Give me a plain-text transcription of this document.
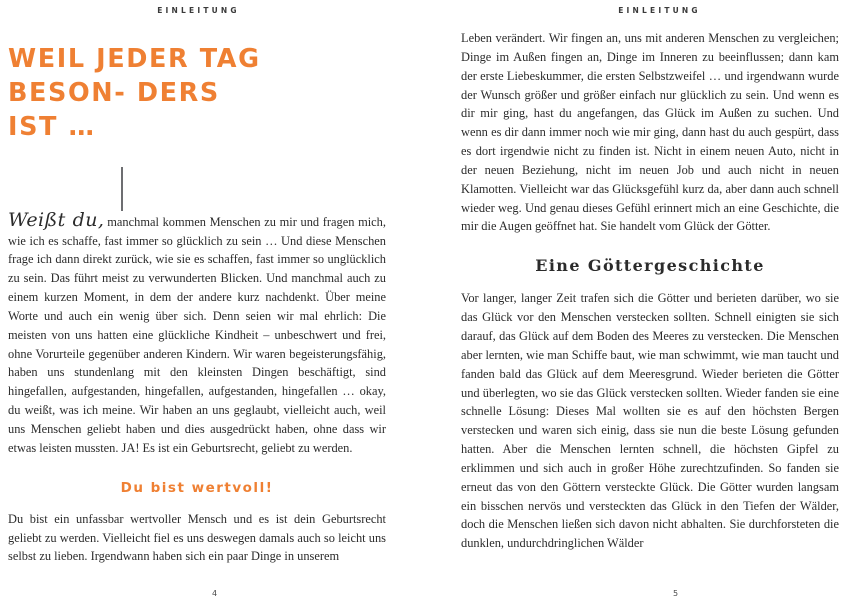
EINLEITUNG
WEIL JEDER TAG BESON- DERS IST …

Weißt du, manchmal kommen Menschen zu mir und fragen mich, wie ich es schaffe, fast immer so glücklich zu sein … Und diese Menschen frage ich dann direkt zurück, wie sie es schaffen, fast immer so unglücklich zu sein. Das führt meist zu verwunderten Blicken. Und manchmal auch zu einem kurzen Moment, in dem der andere kurz nachdenkt. Über meine Worte und auch ein wenig über sich. Denn seien wir mal ehrlich: Die meisten von uns hatten eine glückliche Kindheit – unbeschwert und frei, ohne Vorurteile gegenüber anderen Kindern. Wir waren begeisterungsfähig, haben uns stundenlang mit den kleinsten Dingen beschäftigt, sind hingefallen, aufgestanden, hingefallen, aufgestanden, hingefallen … okay, du weißt, was ich meine. Wir haben an uns geglaubt, vielleicht auch, weil uns Menschen geliebt haben und dies ausgedrückt haben, ohne dass wir etwas leisten mussten. JA! Es ist ein Geburtsrecht, geliebt zu werden.

Du bist wertvoll!

Du bist ein unfassbar wertvoller Mensch und es ist dein Geburtsrecht geliebt zu werden. Vielleicht fiel es uns deswegen damals auch so leicht uns selbst zu lieben. Irgendwann haben sich ein paar Dinge in unserem

4
EINLEITUNG

Leben verändert. Wir fingen an, uns mit anderen Menschen zu vergleichen; Dinge im Außen fingen an, Dinge im Inneren zu beeinflussen; dann kam der erste Liebeskummer, die ersten Selbstzweifel … und irgendwann wurde der Wunsch größer und größer einfach nur glücklich zu sein. Und wenn es dir mir ging, hast du angefangen, das Glück im Außen zu suchen. Und wenn es dir dann immer noch wie mir ging, dann hast du auch gespürt, dass es dort irgendwie nicht zu finden ist. Nicht in einem neuen Auto, nicht in der neuen Beziehung, nicht im neuen Job und auch nicht in neuen Klamotten. Vielleicht war das Glücksgefühl kurz da, aber dann auch schnell wieder weg. Und genau dieses Gefühl erinnert mich an eine Geschichte, die mir die Augen geöffnet hat. Sie handelt vom Glück der Götter.

Eine Göttergeschichte

Vor langer, langer Zeit trafen sich die Götter und berieten darüber, wo sie das Glück vor den Menschen verstecken sollten. Schnell einigten sie sich darauf, das Glück auf dem Boden des Meeres zu verstecken. Die Menschen aber lernten, wie man Schiffe baut, wie man schwimmt, wie man taucht und fanden bald das Glück auf dem Meeresgrund. Wieder berieten die Götter und überlegten, wo sie das Glück verstecken sollten. Wieder fanden sie eine schnelle Lösung: Dieses Mal wollten sie es auf den höchsten Bergen verstecken und waren sich einig, dass sie nun die beste Lösung gefunden hatten. Aber die Menschen lernten schnell, die höchsten Gipfel zu erklimmen und sich auch in großer Höhe zurechtzufinden. So fanden sie erneut das von den Göttern versteckte Glück. Die Götter wurden langsam ein bisschen nervös und versteckten das Glück in den Tiefen der Wälder, doch die Menschen ließen sich davon nicht abhalten. Sie durchforsteten die dunklen, undurchdringlichen Wälder

5
